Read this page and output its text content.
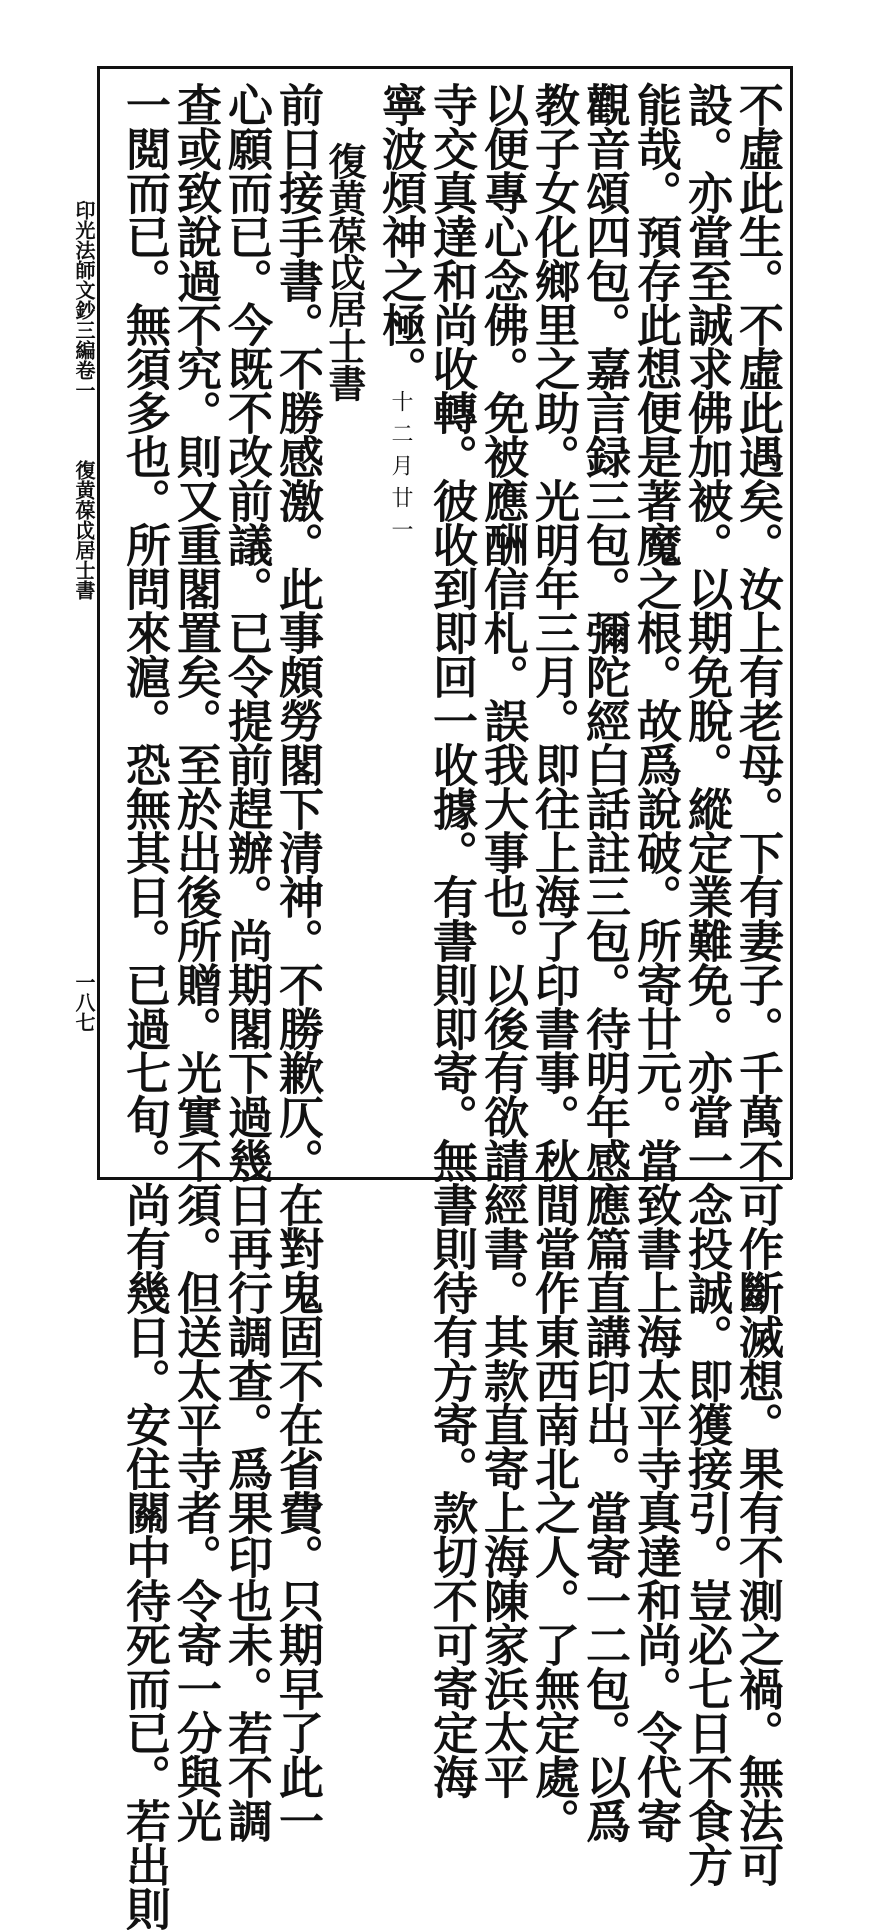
不虛此生。不虛此遇矣。汝上有老母。下有妻子。千萬不可作斷滅想。果有不測之禍。無法可
設。亦當至誠求佛加被。以期免脫。縱定業難免。亦當一念投誠。即獲接引。豈必七日不食方
能哉。預存此想便是著魔之根。故爲說破。所寄廿元。當致書上海太平寺真達和尚。令代寄
觀音頌四包。嘉言録三包。彌陀經白話註三包。待明年感應篇直講印出。當寄一二包。以爲
教子女化鄉里之助。光明年三月。即往上海了印書事。秋間當作東西南北之人。了無定處。
以便專心念佛。免被應酬信札。誤我大事也。以後有欲請經書。其款直寄上海陳家浜太平
寺交真達和尚收轉。彼收到即回一收據。有書則即寄。無書則待有方寄。款切不可寄定海
寧波煩神之極。十二月廿一
復黄葆戉居士書
前日接手書。不勝感激。此事頗勞閣下清神。不勝歉仄。在對鬼固不在省費。只期早了此一
心願而已。今既不改前議。已令提前趕辦。尚期閣下過幾日再行調查。爲果印也未。若不調
查或致說過不究。則又重閣置矣。至於出後所贈。光實不須。但送太平寺者。令寄一分與光
一閲而已。無須多也。所問來滬。恐無其日。已過七旬。尚有幾日。安住關中待死而已。若出則
印光法師文鈔三編卷一
復黄葆戉居士書
一八七
